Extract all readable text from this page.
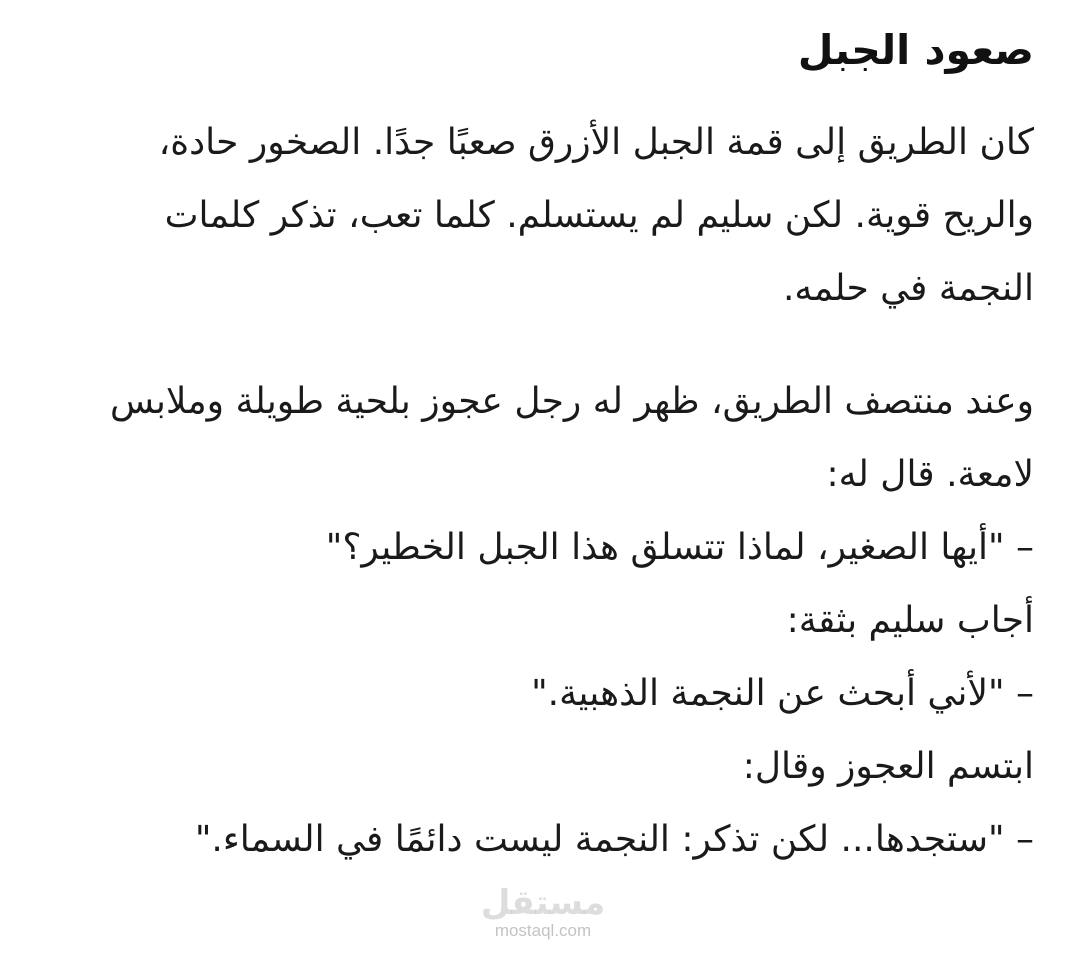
صعود الجبل

كان الطريق إلى قمة الجبل الأزرق صعبًا جدًا. الصخور حادة،
والريح قوية. لكن سليم لم يستسلم. كلما تعب، تذكر كلمات
النجمة في حلمه.

وعند منتصف الطريق، ظهر له رجل عجوز بلحية طويلة وملابس
لامعة. قال له:
– "أيها الصغير، لماذا تتسلق هذا الجبل الخطير؟"
أجاب سليم بثقة:
– "لأني أبحث عن النجمة الذهبية."
ابتسم العجوز وقال:
– "ستجدها... لكن تذكر: النجمة ليست دائمًا في السماء."

مستقل
mostaql.com
